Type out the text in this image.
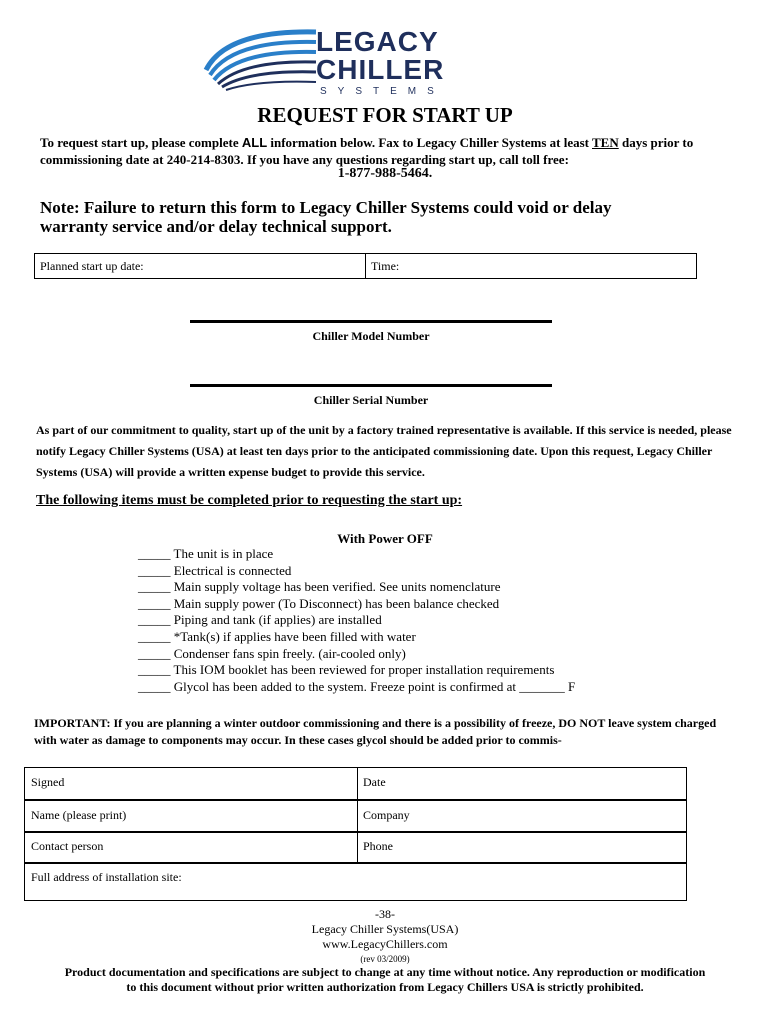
LEGACY
CHILLER
SYSTEMS
REQUEST FOR START UP
To request start up, please complete ALL information below. Fax to Legacy Chiller Systems at least TEN days prior to commissioning date at 240-214-8303. If you have any questions regarding start up, call toll free:
1-877-988-5464.
Note: Failure to return this form to Legacy Chiller Systems could void or delay warranty service and/or delay technical support.
Planned start up date:	Time:
Chiller Model Number
Chiller Serial Number
As part of our commitment to quality, start up of the unit by a factory trained representative is available. If this service is needed, please notify Legacy Chiller Systems (USA) at least ten days prior to the anticipated commissioning date. Upon this request, Legacy Chiller Systems (USA) will provide a written expense budget to provide this service.
The following items must be completed prior to requesting the start up:
With Power OFF
_____ The unit is in place
_____ Electrical is connected
_____ Main supply voltage has been verified. See units nomenclature
_____ Main supply power (To Disconnect) has been balance checked
_____ Piping and tank (if applies) are installed
_____ *Tank(s) if applies have been filled with water
_____ Condenser fans spin freely. (air-cooled only)
_____ This IOM booklet has been reviewed for proper installation requirements
_____ Glycol has been added to the system. Freeze point is confirmed at _______ F
IMPORTANT: If you are planning a winter outdoor commissioning and there is a possibility of freeze, DO NOT leave system charged with water as damage to components may occur. In these cases glycol should be added prior to commis-
Signed	Date
Name (please print)	Company
Contact person	Phone
Full address of installation site:
-38-
Legacy Chiller Systems(USA)
www.LegacyChillers.com
(rev 03/2009)
Product documentation and specifications are subject to change at any time without notice. Any reproduction or modification
to this document without prior written authorization from Legacy Chillers USA is strictly prohibited.
